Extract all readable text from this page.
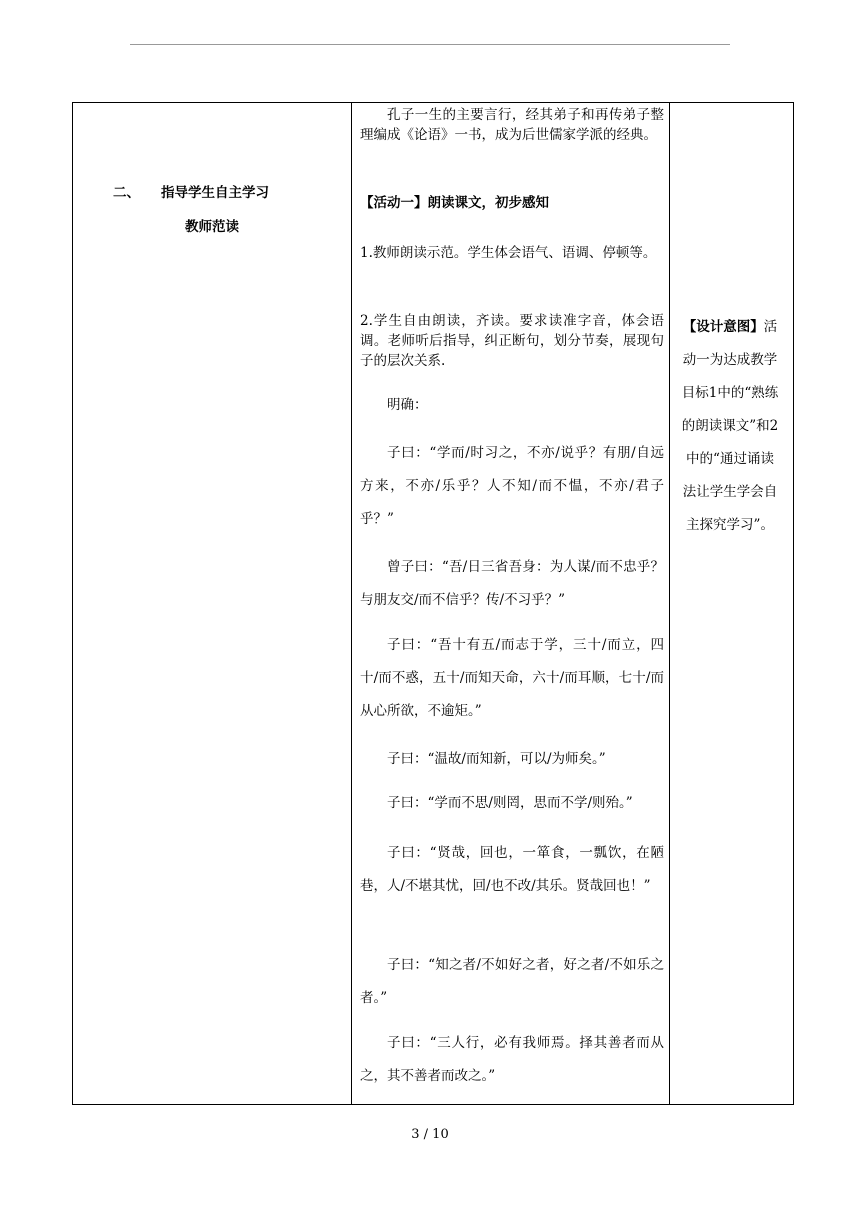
二、 指导学生自主学习
教师范读
孔子一生的主要言行，经其弟子和再传弟子整理编成《论语》一书，成为后世儒家学派的经典。
【活动一】朗读课文，初步感知
1.教师朗读示范。学生体会语气、语调、停顿等。
2.学生自由朗读，齐读。要求读准字音，体会语调。老师听后指导，纠正断句，划分节奏，展现句子的层次关系.
明确：
子曰：“学而/时习之，不亦/说乎？有朋/自远方来，不亦/乐乎？人不知/而不愠，不亦/君子乎？”
曾子曰：“吾/日三省吾身：为人谋/而不忠乎？与朋友交/而不信乎？传/不习乎？”
子曰：“吾十有五/而志于学，三十/而立，四十/而不惑，五十/而知天命，六十/而耳顺，七十/而从心所欲，不逾矩。”
子曰：“温故/而知新，可以/为师矣。”
子曰：“学而不思/则罔，思而不学/则殆。”
子曰：“贤哉，回也，一箪食，一瓢饮，在陋巷，人/不堪其忧，回/也不改/其乐。贤哉回也！”
子曰：“知之者/不如好之者，好之者/不如乐之者。”
子曰：“三人行，必有我师焉。择其善者而从之，其不善者而改之。”
【设计意图】活动一为达成教学目标1中的“熟练的朗读课文”和2中的“通过诵读法让学生学会自主探究学习”。
3 / 10
